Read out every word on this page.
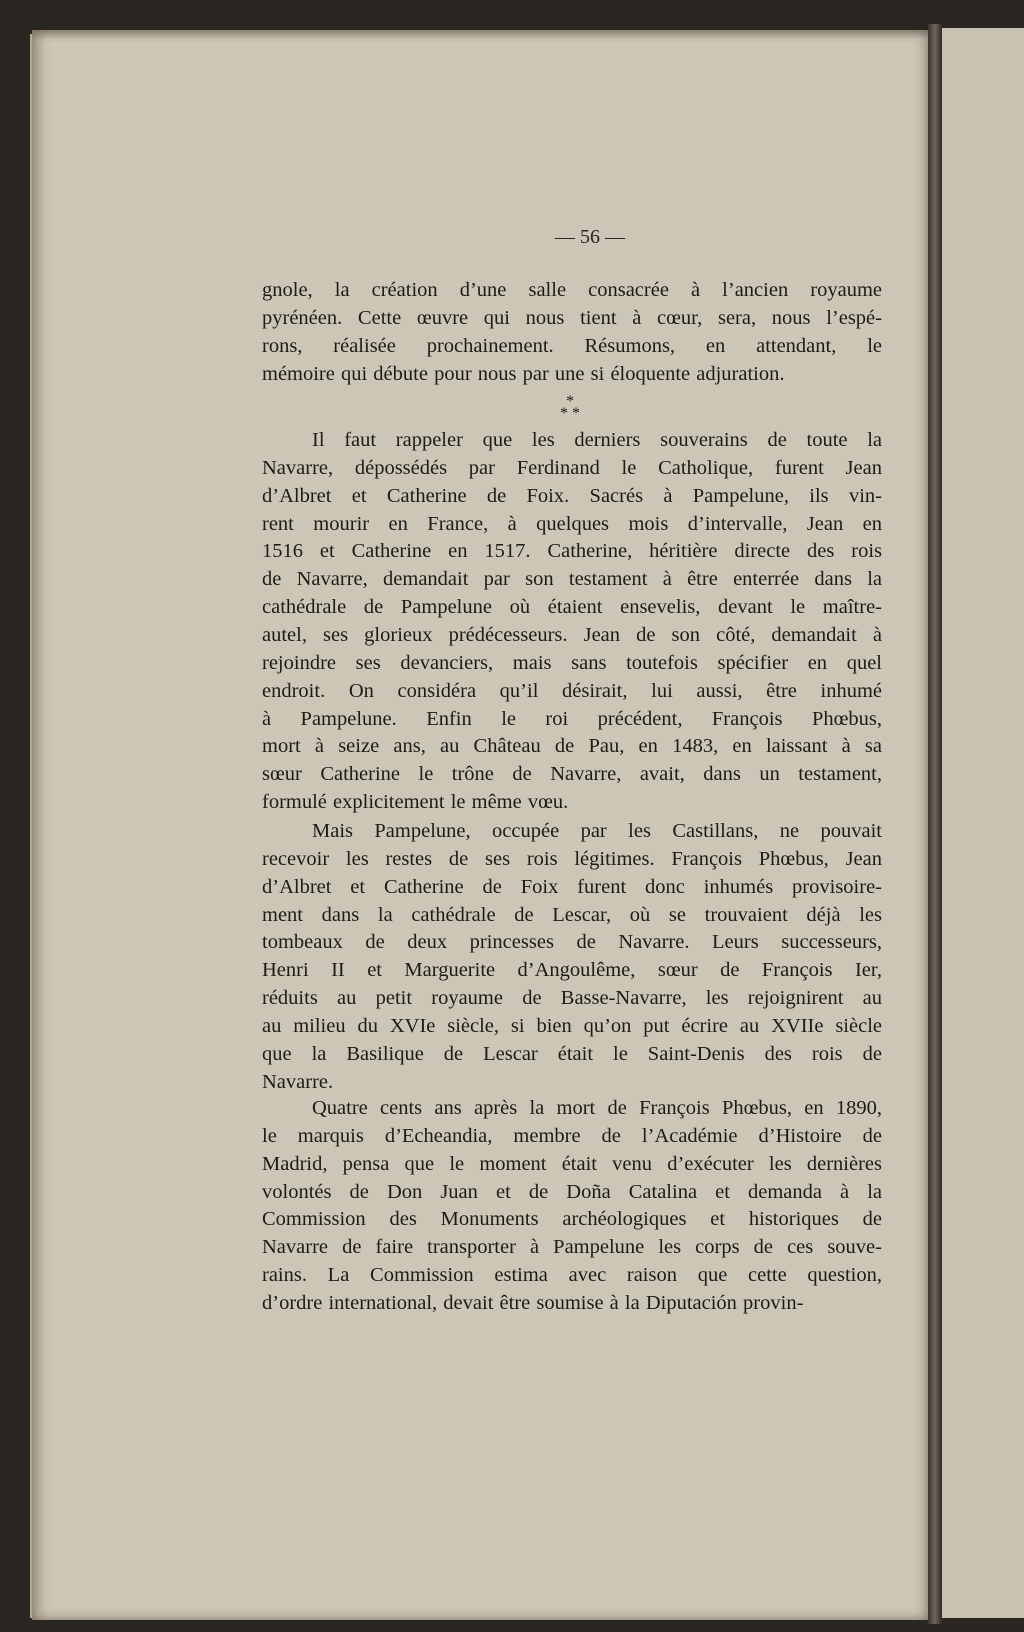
— 56 —
*
* *
gnole, la création d’une salle consacrée à l’ancien royaume
pyrénéen. Cette œuvre qui nous tient à cœur, sera, nous l’espé-
rons, réalisée prochainement. Résumons, en attendant, le
mémoire qui débute pour nous par une si éloquente adjuration.
Il faut rappeler que les derniers souverains de toute la
Navarre, dépossédés par Ferdinand le Catholique, furent Jean
d’Albret et Catherine de Foix. Sacrés à Pampelune, ils vin-
rent mourir en France, à quelques mois d’intervalle, Jean en
1516 et Catherine en 1517. Catherine, héritière directe des rois
de Navarre, demandait par son testament à être enterrée dans la
cathédrale de Pampelune où étaient ensevelis, devant le maître-
autel, ses glorieux prédécesseurs. Jean de son côté, demandait à
rejoindre ses devanciers, mais sans toutefois spécifier en quel
endroit. On considéra qu’il désirait, lui aussi, être inhumé
à Pampelune. Enfin le roi précédent, François Phœbus,
mort à seize ans, au Château de Pau, en 1483, en laissant à sa
sœur Catherine le trône de Navarre, avait, dans un testament,
formulé explicitement le même vœu.
Mais Pampelune, occupée par les Castillans, ne pouvait
recevoir les restes de ses rois légitimes. François Phœbus, Jean
d’Albret et Catherine de Foix furent donc inhumés provisoire-
ment dans la cathédrale de Lescar, où se trouvaient déjà les
tombeaux de deux princesses de Navarre. Leurs successeurs,
Henri II et Marguerite d’Angoulême, sœur de François Ier,
réduits au petit royaume de Basse-Navarre, les rejoignirent au
au milieu du XVIe siècle, si bien qu’on put écrire au XVIIe siècle
que la Basilique de Lescar était le Saint-Denis des rois de
Navarre.
Quatre cents ans après la mort de François Phœbus, en 1890,
le marquis d’Echeandia, membre de l’Académie d’Histoire de
Madrid, pensa que le moment était venu d’exécuter les dernières
volontés de Don Juan et de Doña Catalina et demanda à la
Commission des Monuments archéologiques et historiques de
Navarre de faire transporter à Pampelune les corps de ces souve-
rains. La Commission estima avec raison que cette question,
d’ordre international, devait être soumise à la Diputación provin-
